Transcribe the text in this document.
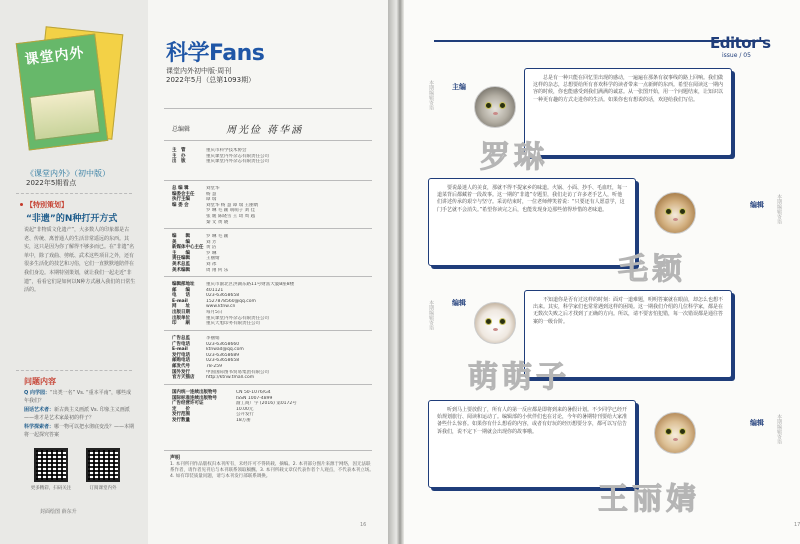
课堂内外
《课堂内外》（初中版）
2022年5期看点
【特别策划】
“非遗”的N种打开方式
说起“非物质文化遗产”，大多数人的印象都是古老、传统、离普通人的生活非常遥远的东西。其实，这只是因为你了解得不够多而已。在“非遗”名单中，除了戏曲、剪纸、武术这些项目之外，还有很多生活化的技艺和习俗，它们一直默默地陪伴在我们身边。本期特别策划，就让我们一起走近“非遗”，看看它们是如何以N种方式融入我们的日常生活的。
问题内容
Q 向学园：“出类一名” Vs. “重本平南”，哪些成年我们？
困话艺术者：新古典主义画派 Vs. 印象主义画派——谁才是艺术家最初的样子？
科学探索者：哪一物可以把水彻底变没？——本期将一起探究答案
更多精彩，扫码关注	订阅课堂内外
封面绘图 薛东升
科学Fans
课堂内外初中版·周刊
2022年5月（总第1093期）
总编辑	周光俭 蒋华涵
主　管	重庆市科学技术协会
主　办	重庆课堂内外杂志有限责任公司
出　版	重庆课堂内外杂志有限责任公司
总 编 辑	刘堂华
编委会主任	杨 慧
执行主编	谭 瑞
编 委 会	刘堂华 杨 慧 谭 瑞 王丽婧
罗 琳 毛 颖 萌萌子 刘 佳
张 媛 陈晓雪 王 琦 周 越
秦 文 黄 晓
编　　辑	罗 琳 毛 颖
美　　编	刘 芳
新媒体中心主任 黄 洁
主　　编	罗 琳
责任编辑	王丽婧
美术总监	刘 冰
美术编辑	周 翔 何 乐
编辑部地址	重庆市渝北区洪湖东路11号财富大厦B座8楼
邮　　编	401121
电　　话	023-63658658
E-mail	1527878560@qq.com
网　　址	www.ktnw.cn
出版日期	每月5日
出版单位	重庆课堂内外杂志有限责任公司
印　　刷	重庆天旭印务有限责任公司
广告总监	李丽娟
广告电话	023-63658660
E-mail	ktnwad@qq.com
发行电话	023-63658689
邮购电话	023-63658658
邮发代号	78-259
国外发行	中国国际图书贸易集团有限公司
官方天猫店	http://ktnw.tmall.com
国内统一连续出版物号	CN 50-1076/G4
国际标准连续出版物号	ISSN 1007-4899
广告经营许可证	渝工商广字 (2016) 第0172号
定　　价	10.00元
发行范围	公开发行
发行数量	18万册
声明
1. 本刊所刊作品版权归本刊所有，未经许可不得转载、摘编。2. 本刊部分图片来源于网络，因无法联系作者，请作者见刊后与本刊联系领取稿酬。3. 本刊所载文章仅代表作者个人观点，不代表本刊立场。4. 如有印装质量问题，请与本刊发行部联系调换。
16
Editor's
issue / 05
本期编辑寄语	主编

总是有一种只能在回忆里出现的感动，一遍遍在那条有叙事线的路上回响。我们做这样的杂志，总想要给所有喜欢科学的读者带来一点新鲜的东西。希望在阅读这一期内容的时候，你也能感受到我们满满的诚意。从一张图开始，用一个问题结束，让知识以一种更有趣的方式走进你的生活。如果你也有想说的话，欢迎给我们写信。

罗琳

要说最迷人的美食，那就不得不提家乡的味道。火锅、小面、抄手、毛血旺，每一道菜背后都藏着一段故事。这一期的“非遗”专题里，我们走访了许多老手艺人，听他们讲述传承的艰辛与坚守。采访结束时，一位老师傅笑着说：“只要还有人愿意学，这门手艺就不会消失。”希望你读完之后，也能发现身边那些值得珍惜的老味道。

编辑 本期编辑寄语
毛颖
本期编辑寄语	编辑	不知道你是否有过这样的时刻：面对一道难题，明明答案就在眼前，却怎么也想不出来。其实，科学家们也常常遇到这样的困境。这一期我们介绍的几位科学家，都是在无数次失败之后才找到了正确的方向。所以，请不要害怕犯错，每一次错误都是通往答案的一级台阶。

萌萌子

听到马上要放假了，所有人的第一反应都是即将到来的暑假计划。不少同学已经开始规划旅行、阅读和运动了。编辑部的小伙伴们也在讨论，今年的暑期特刊要给大家准备些什么惊喜。如果你有什么想看的内容，或者有好玩的经历想要分享，都可以写信告诉我们，说不定下一期就会出现你的故事哦。

编辑 本期编辑寄语
王丽婧
17
